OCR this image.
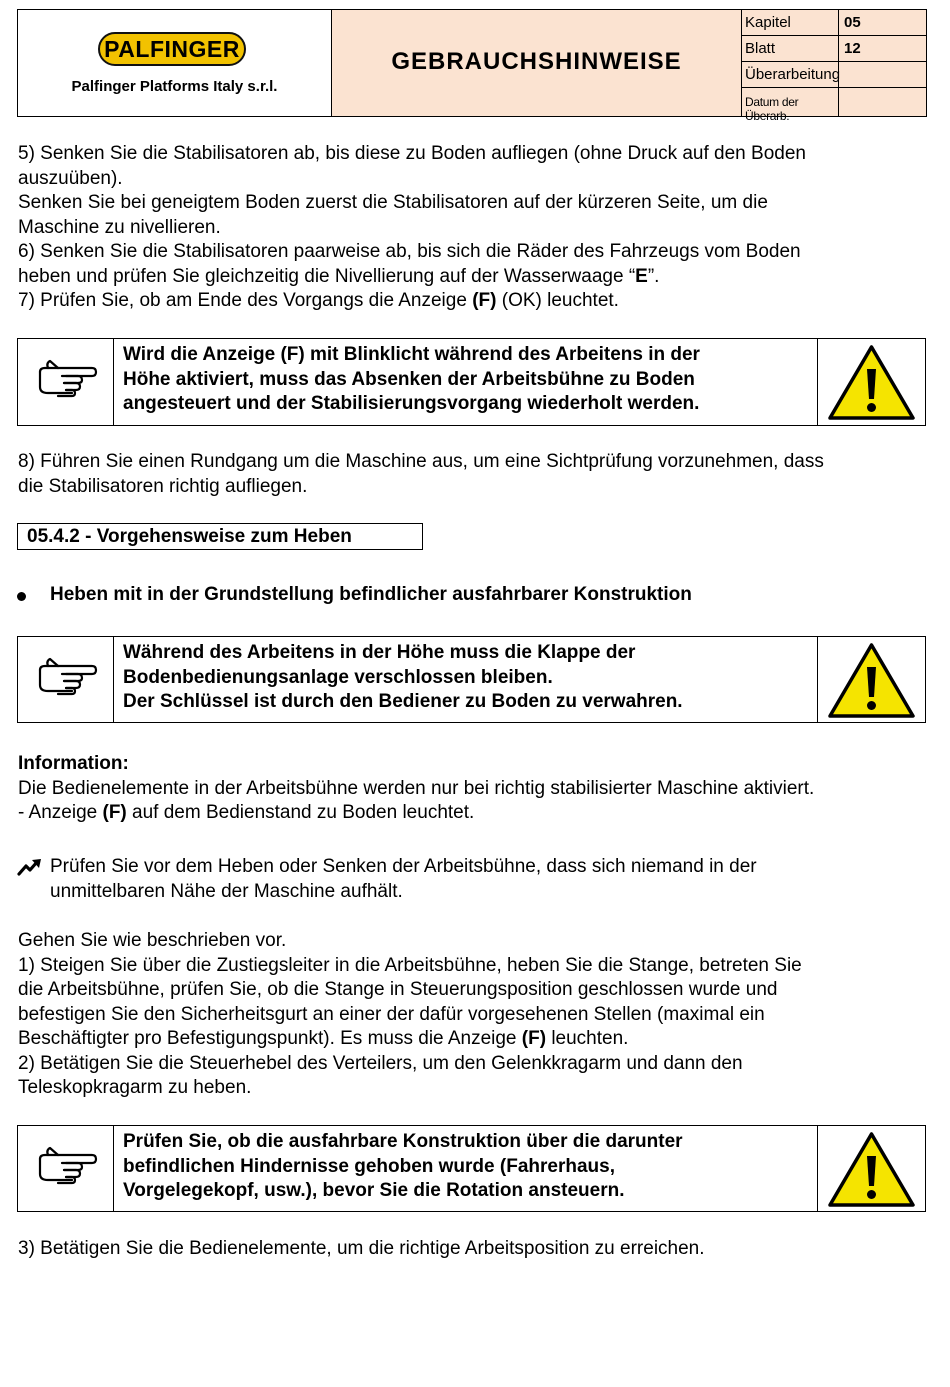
PALFINGER
Palfinger Platforms Italy s.r.l.
GEBRAUCHSHINWEISE
Kapitel	05
Blatt	12
Überarbeitung
Datum der Überarb.
5) Senken Sie die Stabilisatoren ab, bis diese zu Boden aufliegen (ohne Druck auf den Boden
auszuüben).
Senken Sie bei geneigtem Boden zuerst die Stabilisatoren auf der kürzeren Seite, um die
Maschine zu nivellieren.
6) Senken Sie die Stabilisatoren paarweise ab, bis sich die Räder des Fahrzeugs vom Boden
heben und prüfen Sie gleichzeitig die Nivellierung auf der Wasserwaage “E”.
7) Prüfen Sie, ob am Ende des Vorgangs die Anzeige (F) (OK) leuchtet.
Wird die Anzeige (F) mit Blinklicht während des Arbeitens in der
Höhe aktiviert, muss das Absenken der Arbeitsbühne zu Boden
angesteuert und der Stabilisierungsvorgang wiederholt werden.
8) Führen Sie einen Rundgang um die Maschine aus, um eine Sichtprüfung vorzunehmen, dass
die Stabilisatoren richtig aufliegen.
05.4.2 - Vorgehensweise zum Heben
Heben mit in der Grundstellung befindlicher ausfahrbarer Konstruktion
Während des Arbeitens in der Höhe muss die Klappe der
Bodenbedienungsanlage verschlossen bleiben.
Der Schlüssel ist durch den Bediener zu Boden zu verwahren.
Information:
Die Bedienelemente in der Arbeitsbühne werden nur bei richtig stabilisierter Maschine aktiviert.
- Anzeige (F) auf dem Bedienstand zu Boden leuchtet.
Prüfen Sie vor dem Heben oder Senken der Arbeitsbühne, dass sich niemand in der
unmittelbaren Nähe der Maschine aufhält.
Gehen Sie wie beschrieben vor.
1) Steigen Sie über die Zustiegsleiter in die Arbeitsbühne, heben Sie die Stange, betreten Sie
die Arbeitsbühne, prüfen Sie, ob die Stange in Steuerungsposition geschlossen wurde und
befestigen Sie den Sicherheitsgurt an einer der dafür vorgesehenen Stellen (maximal ein
Beschäftigter pro Befestigungspunkt). Es muss die Anzeige (F) leuchten.
2) Betätigen Sie die Steuerhebel des Verteilers, um den Gelenkkragarm und dann den
Teleskopkragarm zu heben.
Prüfen Sie, ob die ausfahrbare Konstruktion über die darunter
befindlichen Hindernisse gehoben wurde (Fahrerhaus,
Vorgelegekopf, usw.), bevor Sie die Rotation ansteuern.
3) Betätigen Sie die Bedienelemente, um die richtige Arbeitsposition zu erreichen.
